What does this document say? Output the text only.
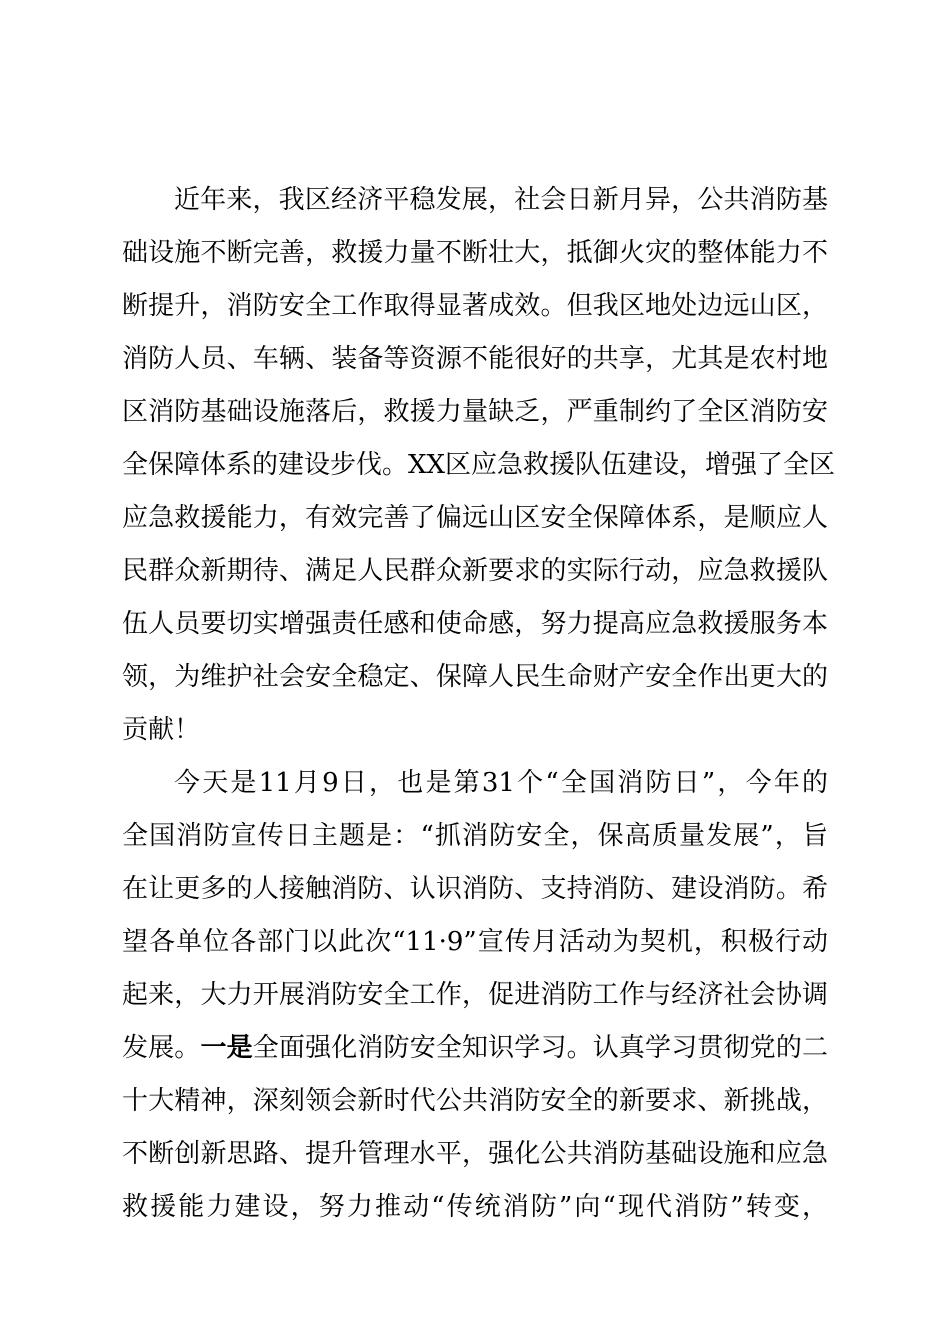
近年来，我区经济平稳发展，社会日新月异，公共消防基
础设施不断完善，救援力量不断壮大，抵御火灾的整体能力不
断提升，消防安全工作取得显著成效。但我区地处边远山区，
消防人员、车辆、装备等资源不能很好的共享，尤其是农村地
区消防基础设施落后，救援力量缺乏，严重制约了全区消防安
全保障体系的建设步伐。XX区应急救援队伍建设，增强了全区
应急救援能力，有效完善了偏远山区安全保障体系，是顺应人
民群众新期待、满足人民群众新要求的实际行动，应急救援队
伍人员要切实增强责任感和使命感，努力提高应急救援服务本
领，为维护社会安全稳定、保障人民生命财产安全作出更大的
贡献！
今天是11月9日，也是第31个“全国消防日”，今年的
全国消防宣传日主题是：“抓消防安全，保高质量发展”，旨
在让更多的人接触消防、认识消防、支持消防、建设消防。希
望各单位各部门以此次“11·9”宣传月活动为契机，积极行动
起来，大力开展消防安全工作，促进消防工作与经济社会协调
发展。一是全面强化消防安全知识学习。认真学习贯彻党的二
十大精神，深刻领会新时代公共消防安全的新要求、新挑战，
不断创新思路、提升管理水平，强化公共消防基础设施和应急
救援能力建设，努力推动“传统消防”向“现代消防”转变，
